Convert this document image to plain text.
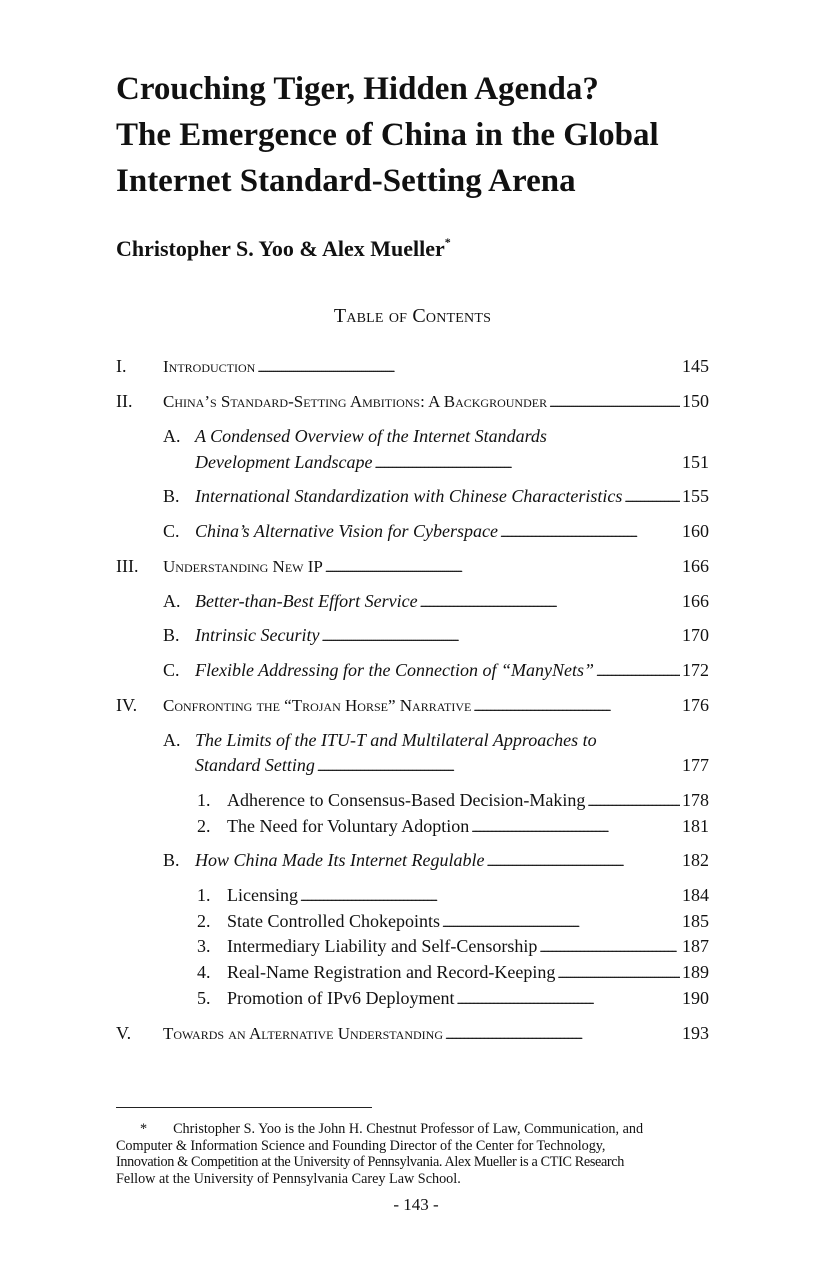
Crouching Tiger, Hidden Agenda?
The Emergence of China in the Global
Internet Standard-Setting Arena
Christopher S. Yoo & Alex Mueller*
Table of Contents
I. Introduction . . .	145
II. China’s Standard-Setting Ambitions: A Backgrounder . . .	150
A. A Condensed Overview of the Internet Standards
Development Landscape . . .	151
B. International Standardization with Chinese Characteristics . . .	155
C. China’s Alternative Vision for Cyberspace . . .	160
III. Understanding New IP . . .	166
A. Better-than-Best Effort Service . . .	166
B. Intrinsic Security . . .	170
C. Flexible Addressing for the Connection of “ManyNets” . . .	172
IV. Confronting the “Trojan Horse” Narrative . . .	176
A. The Limits of the ITU-T and Multilateral Approaches to
Standard Setting . . .	177
1. Adherence to Consensus-Based Decision-Making . . .	178
2. The Need for Voluntary Adoption . . .	181
B. How China Made Its Internet Regulable . . .	182
1. Licensing . . .	184
2. State Controlled Chokepoints . . .	185
3. Intermediary Liability and Self-Censorship . . .	187
4. Real-Name Registration and Record-Keeping . . .	189
5. Promotion of IPv6 Deployment . . .	190
V. Towards an Alternative Understanding . . .	193
* Christopher S. Yoo is the John H. Chestnut Professor of Law, Communication, and
Computer & Information Science and Founding Director of the Center for Technology,
Innovation & Competition at the University of Pennsylvania. Alex Mueller is a CTIC Research
Fellow at the University of Pennsylvania Carey Law School.
- 143 -
